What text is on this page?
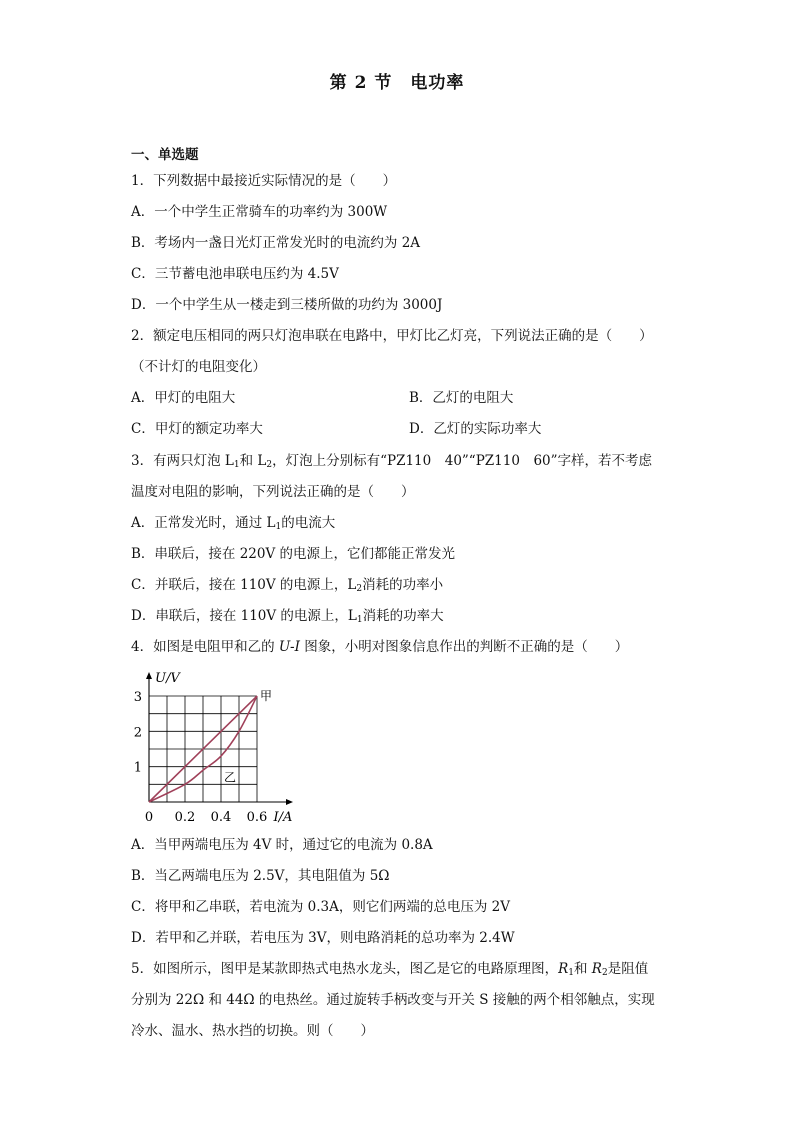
第 2 节　电功率
一、单选题
1．下列数据中最接近实际情况的是（　　）
A．一个中学生正常骑车的功率约为 300W
B．考场内一盏日光灯正常发光时的电流约为 2A
C．三节蓄电池串联电压约为 4.5V
D．一个中学生从一楼走到三楼所做的功约为 3000J
2．额定电压相同的两只灯泡串联在电路中，甲灯比乙灯亮，下列说法正确的是（　　）
（不计灯的电阻变化）
A．甲灯的电阻大	B．乙灯的电阻大
C．甲灯的额定功率大	D．乙灯的实际功率大
3．有两只灯泡 $L_1$和 $L_2$，灯泡上分别标有“PZ110　40”“PZ110　60”字样，若不考虑
温度对电阻的影响，下列说法正确的是（　　）
A．正常发光时，通过 $L_1$的电流大
B．串联后，接在 220V 的电源上，它们都能正常发光
C．并联后，接在 110V 的电源上，$L_2$消耗的功率小
D．串联后，接在 110V 的电源上，$L_1$消耗的功率大
4．如图是电阻甲和乙的 U-I 图象，小明对图象信息作出的判断不正确的是（　　）
0 0.2 0.4 0.6
1
2
3
I/A
U/V
甲
乙
A．当甲两端电压为 4V 时，通过它的电流为 0.8A
B．当乙两端电压为 2.5V，其电阻值为 5Ω
C．将甲和乙串联，若电流为 0.3A，则它们两端的总电压为 2V
D．若甲和乙并联，若电压为 3V，则电路消耗的总功率为 2.4W
5．如图所示，图甲是某款即热式电热水龙头，图乙是它的电路原理图，$R_1$和 $R_2$是阻值
分别为 22Ω 和 44Ω 的电热丝。通过旋转手柄改变与开关 S 接触的两个相邻触点，实现
冷水、温水、热水挡的切换。则（　　）
